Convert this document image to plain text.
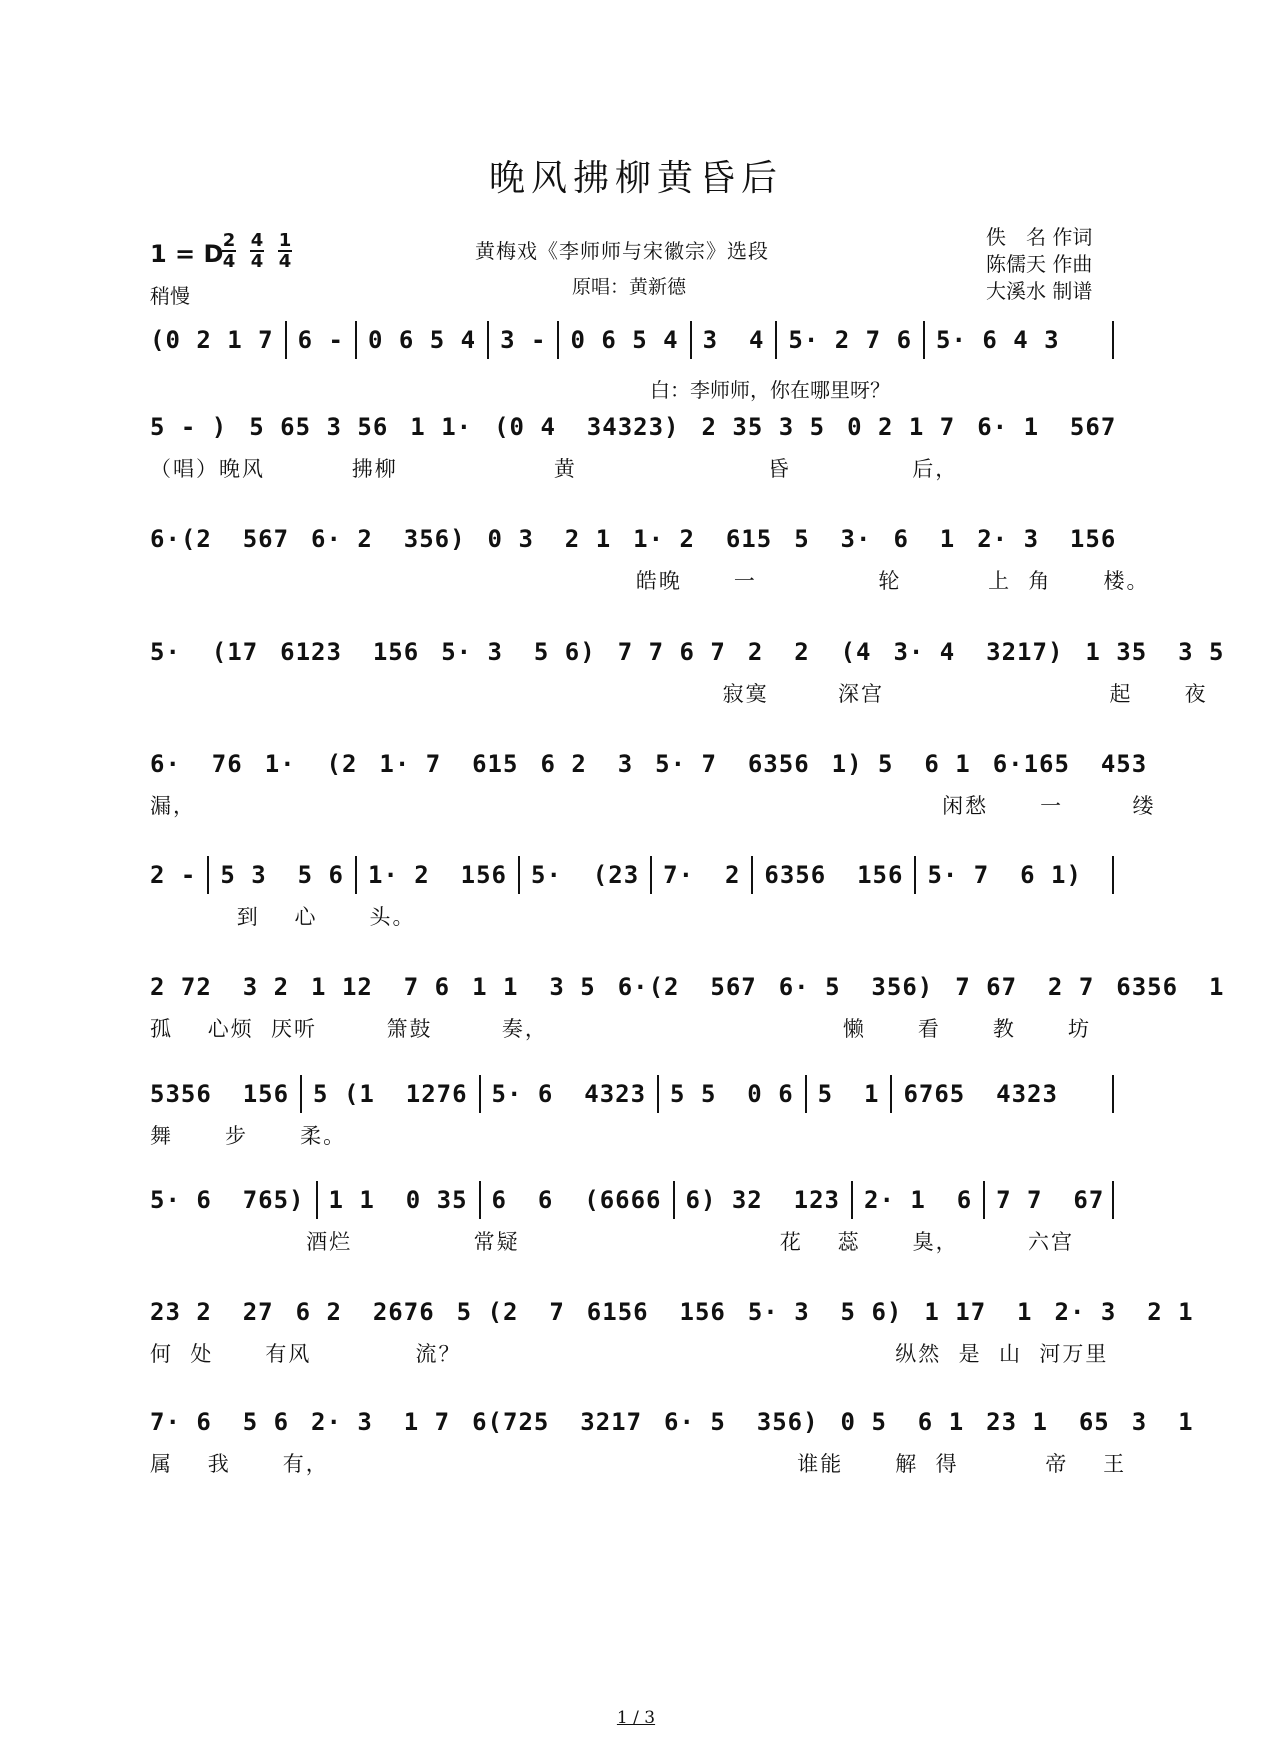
晚风拂柳黄昏后
1 = D
$\frac{2}{4} \frac{4}{4} \frac{1}{4}$
稍慢
黄梅戏《李师师与宋徽宗》选段
原唱：黄新德
佚　名 作词
陈儒天 作曲
大溪水 制谱
白：李师师，你在哪里呀？
(0 2 1 7 6 - 0 6 5 4 3 - 0 6 5 4 3  4 5· 2 7 6 5· 6 4 3
5 - ) 5 65 3 56 1 1· (0 4  34323) 2 35 3 5 0 2 1 7 6· 1  567
（唱）晚风          拂柳                  黄                      昏              后，
6·(2  567 6· 2  356) 0 3  2 1 1· 2  615 5  3· 6  1 2· 3  156
皓晚      一              轮          上  角      楼。
5·  (17 6123  156 5· 3  5 6) 7 7 6 7 2  2  (4 3· 4  3217) 1 35  3 5
寂寞        深宫                          起      夜
6·  76 1·  (2 1· 7  615 6 2  3 5· 7  6356 1) 5  6 1 6·165  453
漏，                                                                                      闲愁      一        缕
2 - 5 3  5 6 1· 2  156 5·  (23 7·  2 6356  156 5· 7  6 1)
到    心      头。
2 72  3 2 1 12  7 6 1 1  3 5 6·(2  567 6· 5  356) 7 67  2 7 6356  1
孤    心烦  厌听        箫鼓        奏，                                  懒      看      教      坊
5356  156 5 (1  1276 5· 6  4323 5 5  0 6 5  1 6765  4323
舞      步      柔。
5· 6  765) 1 1  0 35 6  6  (6666 6) 32  123 2· 1  6 7 7  67
酒烂              常疑                              花    蕊      臭，        六宫
23 2  27 6 2  2676 5 (2  7 6156  156 5· 3  5 6) 1 17  1 2· 3  2 1
何  处      有风            流？                                                  纵然  是  山  河万里
7· 6  5 6 2· 3  1 7 6(725  3217 6· 5  356) 0 5  6 1 23 1  65 3  1
属    我      有，                                                      谁能      解  得          帝    王
1 / 3
